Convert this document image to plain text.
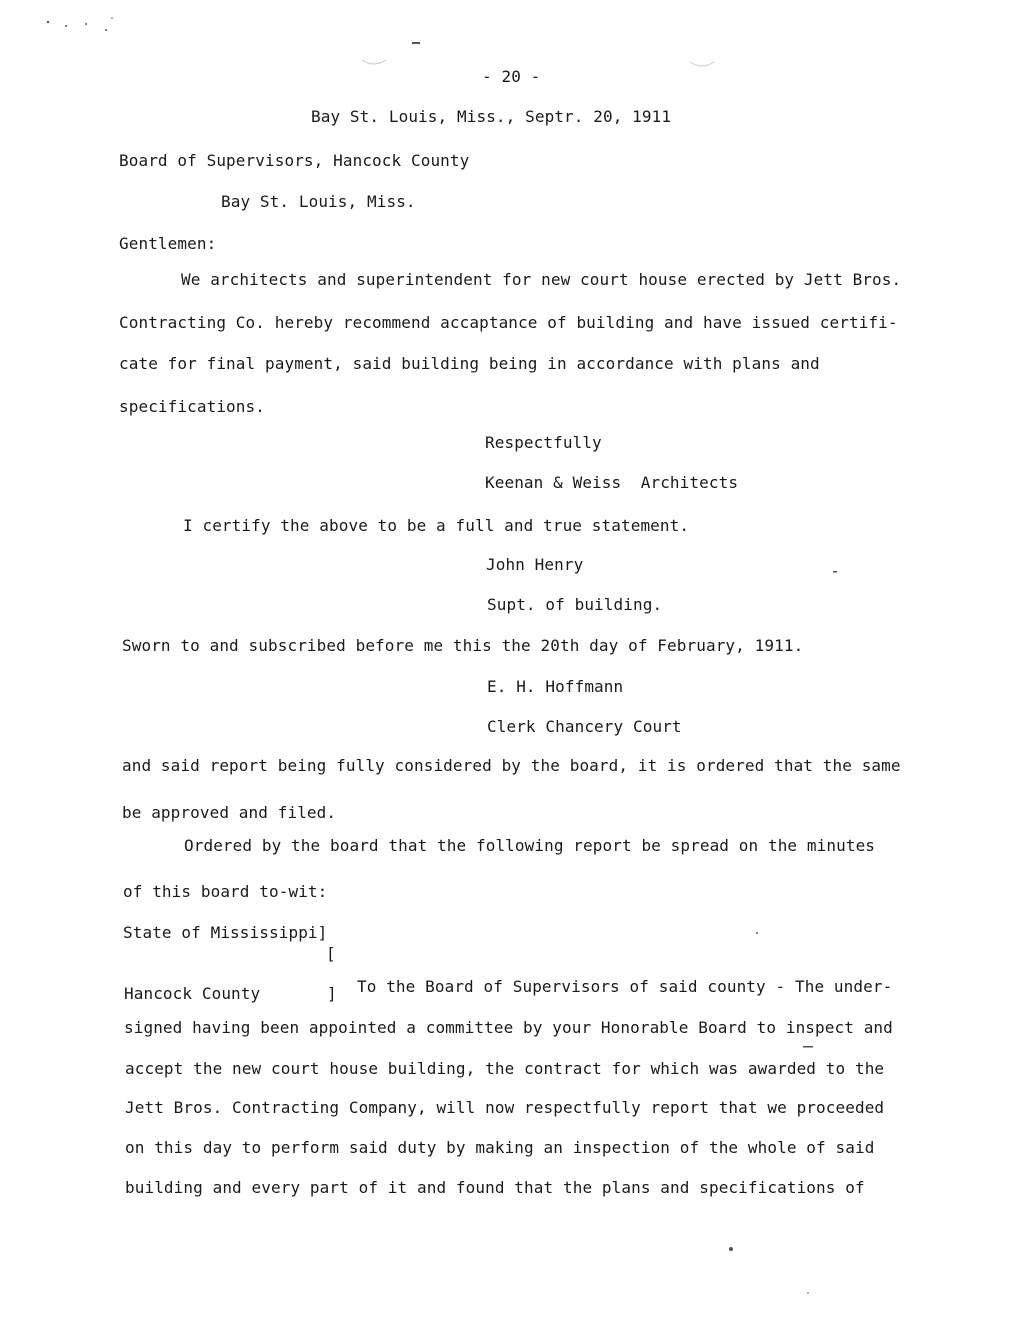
- 20 -
Bay St. Louis, Miss., Septr. 20, 1911
Board of Supervisors, Hancock County
Bay St. Louis, Miss.
Gentlemen:
We architects and superintendent for new court house erected by Jett Bros.
Contracting Co. hereby recommend accaptance of building and have issued certifi-
cate for final payment, said building being in accordance with plans and
specifications.
Respectfully
Keenan & Weiss  Architects
I certify the above to be a full and true statement.
John Henry
Supt. of building.
Sworn to and subscribed before me this the 20th day of February, 1911.
E. H. Hoffmann
Clerk Chancery Court
and said report being fully considered by the board, it is ordered that the same
be approved and filed.
Ordered by the board that the following report be spread on the minutes
of this board to-wit:
State of Mississippi]
[
Hancock County	] To the Board of Supervisors of said county - The under-
signed having been appointed a committee by your Honorable Board to inspect and
accept the new court house building, the contract for which was awarded to the
Jett Bros. Contracting Company, will now respectfully report that we proceeded
on this day to perform said duty by making an inspection of the whole of said
building and every part of it and found that the plans and specifications of
